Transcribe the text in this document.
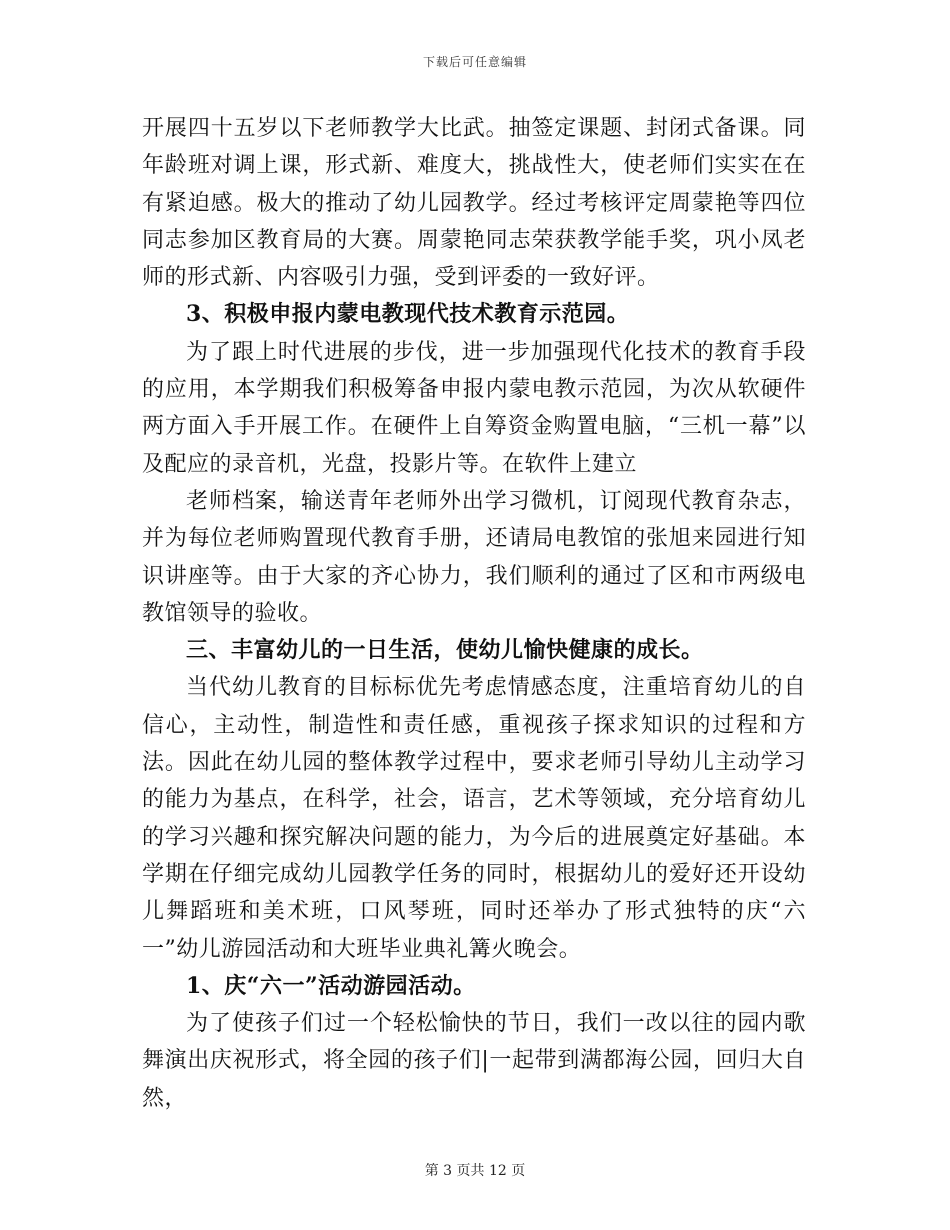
下载后可任意编辑

开展四十五岁以下老师教学大比武。抽签定课题、封闭式备课。同年龄班对调上课，形式新、难度大，挑战性大，使老师们实实在在有紧迫感。极大的推动了幼儿园教学。经过考核评定周蒙艳等四位同志参加区教育局的大赛。周蒙艳同志荣获教学能手奖，巩小凤老师的形式新、内容吸引力强，受到评委的一致好评。

3、积极申报内蒙电教现代技术教育示范园。

为了跟上时代进展的步伐，进一步加强现代化技术的教育手段的应用，本学期我们积极筹备申报内蒙电教示范园，为次从软硬件两方面入手开展工作。在硬件上自筹资金购置电脑，“三机一幕”以及配应的录音机，光盘，投影片等。在软件上建立

老师档案，输送青年老师外出学习微机，订阅现代教育杂志，并为每位老师购置现代教育手册，还请局电教馆的张旭来园进行知识讲座等。由于大家的齐心协力，我们顺利的通过了区和市两级电教馆领导的验收。

三、丰富幼儿的一日生活，使幼儿愉快健康的成长。

当代幼儿教育的目标标优先考虑情感态度，注重培育幼儿的自信心，主动性，制造性和责任感，重视孩子探求知识的过程和方法。因此在幼儿园的整体教学过程中，要求老师引导幼儿主动学习的能力为基点，在科学，社会，语言，艺术等领域，充分培育幼儿的学习兴趣和探究解决问题的能力，为今后的进展奠定好基础。本学期在仔细完成幼儿园教学任务的同时，根据幼儿的爱好还开设幼儿舞蹈班和美术班，口风琴班，同时还举办了形式独特的庆“六一”幼儿游园活动和大班毕业典礼篝火晚会。

1、庆“六一”活动游园活动。

为了使孩子们过一个轻松愉快的节日，我们一改以往的园内歌舞演出庆祝形式，将全园的孩子们|一起带到满都海公园，回归大自然，

第 3 页共 12 页
